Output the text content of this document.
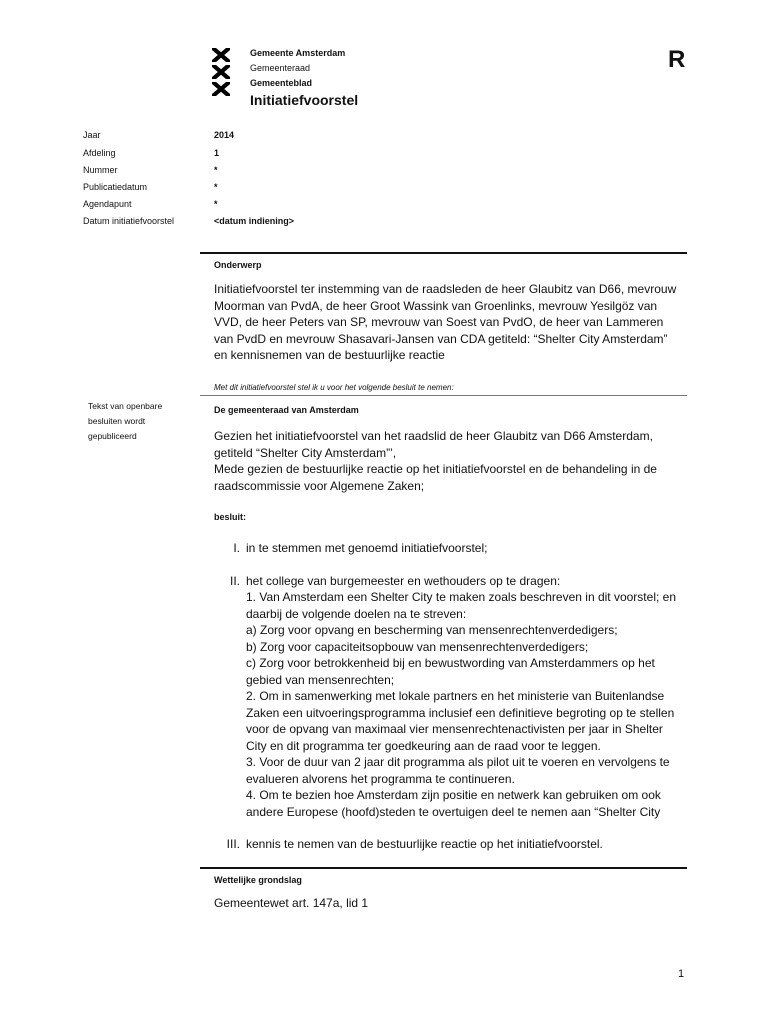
Gemeente Amsterdam
Gemeenteraad
Gemeenteblad
Initiatiefvoorstel
R
Jaar	2014
Afdeling	1
Nummer	*
Publicatiedatum	*
Agendapunt	*
Datum initiatiefvoorstel	<datum indiening>
Onderwerp
Initiatiefvoorstel ter instemming van de raadsleden de heer Glaubitz van D66, mevrouw Moorman van PvdA, de heer Groot Wassink van Groenlinks, mevrouw Yesilgöz van VVD, de heer Peters van SP, mevrouw van Soest van PvdO, de heer van Lammeren van PvdD en mevrouw Shasavari-Jansen van CDA getiteld: “Shelter City Amsterdam” en kennisnemen van de bestuurlijke reactie
Met dit initiatiefvoorstel stel ik u voor het volgende besluit te nemen:
Tekst van openbare besluiten wordt gepubliceerd
De gemeenteraad van Amsterdam
Gezien het initiatiefvoorstel van het raadslid de heer Glaubitz van D66 Amsterdam, getiteld “Shelter City Amsterdam”’,
Mede gezien de bestuurlijke reactie op het initiatiefvoorstel en de behandeling in de raadscommissie voor Algemene Zaken;
besluit:
I. in te stemmen met genoemd initiatiefvoorstel;
II. het college van burgemeester en wethouders op te dragen:
1. Van Amsterdam een Shelter City te maken zoals beschreven in dit voorstel; en daarbij de volgende doelen na te streven:
a) Zorg voor opvang en bescherming van mensenrechtenverdedigers;
b) Zorg voor capaciteitsopbouw van mensenrechtenverdedigers;
c) Zorg voor betrokkenheid bij en bewustwording van Amsterdammers op het gebied van mensenrechten;
2. Om in samenwerking met lokale partners en het ministerie van Buitenlandse Zaken een uitvoeringsprogramma inclusief een definitieve begroting op te stellen voor de opvang van maximaal vier mensenrechtenactivisten per jaar in Shelter City en dit programma ter goedkeuring aan de raad voor te leggen.
3. Voor de duur van 2 jaar dit programma als pilot uit te voeren en vervolgens te evalueren alvorens het programma te continueren.
4. Om te bezien hoe Amsterdam zijn positie en netwerk kan gebruiken om ook andere Europese (hoofd)steden te overtuigen deel te nemen aan “Shelter City
III. kennis te nemen van de bestuurlijke reactie op het initiatiefvoorstel.
Wettelijke grondslag
Gemeentewet art. 147a, lid 1
1
